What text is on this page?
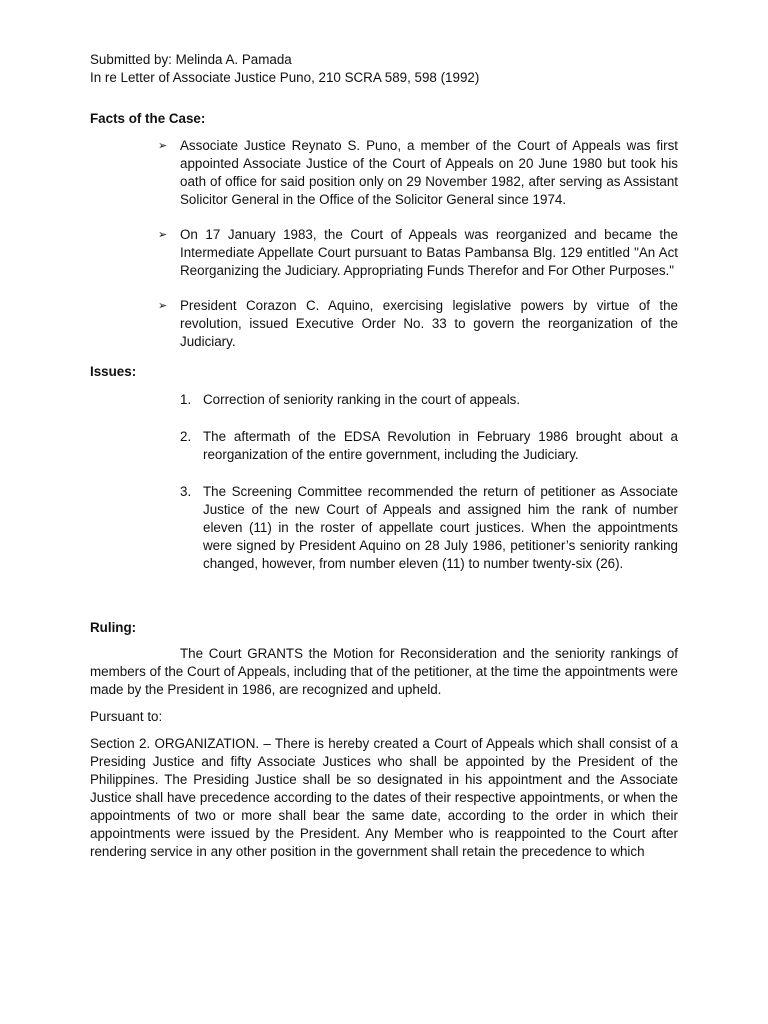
Submitted by: Melinda A. Pamada

In re Letter of Associate Justice Puno, 210 SCRA 589, 598 (1992)

Facts of the Case:

➢ Associate Justice Reynato S. Puno, a member of the Court of Appeals was first appointed Associate Justice of the Court of Appeals on 20 June 1980 but took his oath of office for said position only on 29 November 1982, after serving as Assistant Solicitor General in the Office of the Solicitor General since 1974.
➢ On 17 January 1983, the Court of Appeals was reorganized and became the Intermediate Appellate Court pursuant to Batas Pambansa Blg. 129 entitled "An Act Reorganizing the Judiciary. Appropriating Funds Therefor and For Other Purposes."
➢ President Corazon C. Aquino, exercising legislative powers by virtue of the revolution, issued Executive Order No. 33 to govern the reorganization of the Judiciary.

Issues:

1. Correction of seniority ranking in the court of appeals.
2. The aftermath of the EDSA Revolution in February 1986 brought about a reorganization of the entire government, including the Judiciary.
3. The Screening Committee recommended the return of petitioner as Associate Justice of the new Court of Appeals and assigned him the rank of number eleven (11) in the roster of appellate court justices. When the appointments were signed by President Aquino on 28 July 1986, petitioner’s seniority ranking changed, however, from number eleven (11) to number twenty-six (26).

Ruling:

The Court GRANTS the Motion for Reconsideration and the seniority rankings of members of the Court of Appeals, including that of the petitioner, at the time the appointments were made by the President in 1986, are recognized and upheld.

Pursuant to:

Section 2. ORGANIZATION. – There is hereby created a Court of Appeals which shall consist of a Presiding Justice and fifty Associate Justices who shall be appointed by the President of the Philippines. The Presiding Justice shall be so designated in his appointment and the Associate Justice shall have precedence according to the dates of their respective appointments, or when the appointments of two or more shall bear the same date, according to the order in which their appointments were issued by the President. Any Member who is reappointed to the Court after rendering service in any other position in the government shall retain the precedence to which
